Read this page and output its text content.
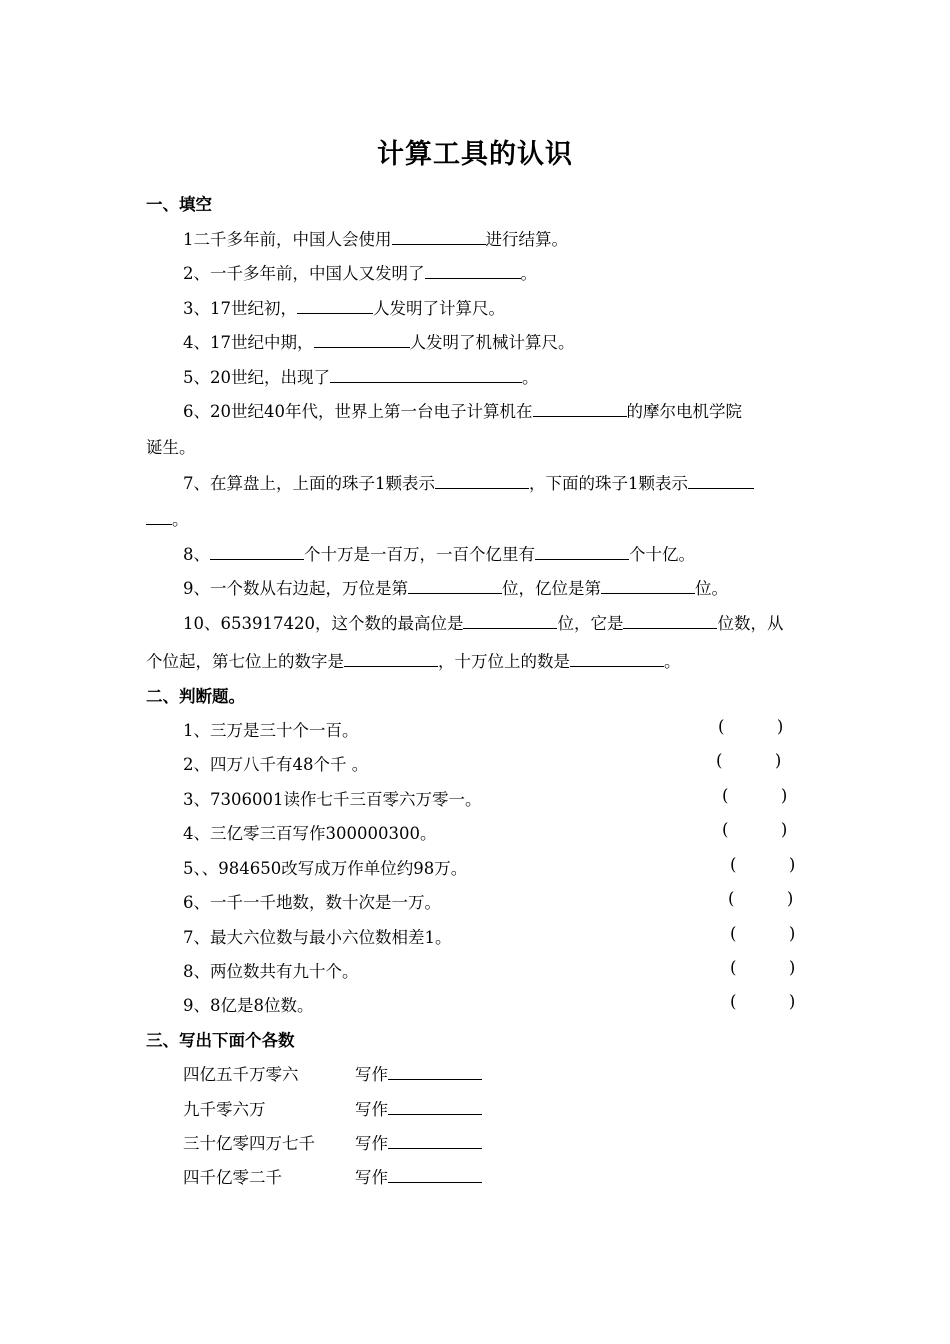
计算工具的认识
一、填空
1二千多年前，中国人会使用	进行结算。
2、一千多年前，中国人又发明了	。
3、17世纪初，	人发明了计算尺。
4、17世纪中期，	人发明了机械计算尺。
5、20世纪，出现了	。
6、20世纪40年代，世界上第一台电子计算机在	的摩尔电机学院
诞生。
7、在算盘上，上面的珠子1颗表示	，下面的珠子1颗表示
。
8、	个十万是一百万，一百个亿里有	个十亿。
9、一个数从右边起，万位是第	位，亿位是第	位。
10、653917420，这个数的最高位是	位，它是	位数，从
个位起，第七位上的数字是	，十万位上的数是	。
二、判断题。
1、三万是三十个一百。	(          )
2、四万八千有48个千 。	(          )
3、7306001读作七千三百零六万零一。	(          )
4、三亿零三百写作300000300。	(          )
5、、984650改写成万作单位约98万。	(          )
6、一千一千地数，数十次是一万。	(          )
7、最大六位数与最小六位数相差1。	(          )
8、两位数共有九十个。	(          )
9、8亿是8位数。	(          )
三、写出下面个各数
四亿五千万零六	写作
九千零六万	写作
三十亿零四万七千 写作
四千亿零二千	写作
